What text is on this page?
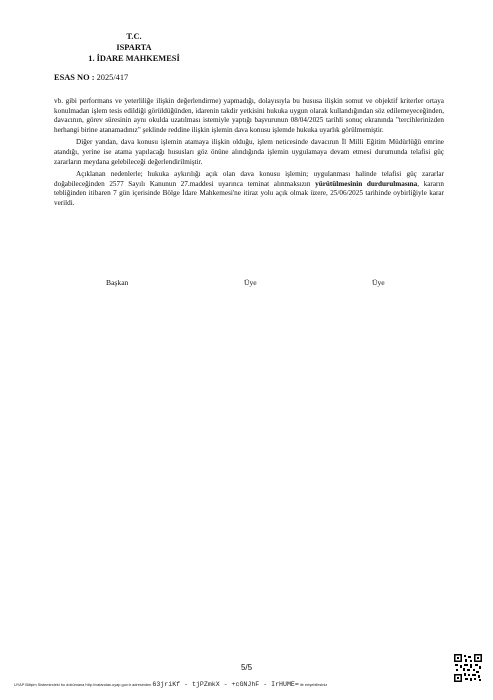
T.C.
ISPARTA
1. İDARE MAHKEMESİ
ESAS NO : 2025/417

vb. gibi performans ve yeterliliğe ilişkin değerlendirme) yapmadığı, dolayısıyla bu hususa ilişkin somut ve objektif kriterler ortaya konulmadan işlem tesis edildiği görüldüğünden, idarenin takdir yetkisini hukuka uygun olarak kullandığından söz edilemeyeceğinden, davacının, görev süresinin aynı okulda uzatılması istemiyle yaptığı başvurunun 08/04/2025 tarihli sonuç ekranında "tercihlerinizden herhangi birine atanamadınız" şeklinde reddine ilişkin işlemin dava konusu işlemde hukuka uyarlık görülmemiştir.

Diğer yandan, dava konusu işlemin atamaya ilişkin olduğu, işlem neticesinde davacının İl Milli Eğitim Müdürlüğü emrine atandığı, yerine ise atama yapılacağı hususları göz önüne alındığında işlemin uygulamaya devam etmesi durumunda telafisi güç zararların meydana gelebileceği değerlendirilmiştir.

Açıklanan nedenlerle; hukuka aykırılığı açık olan dava konusu işlemin; uygulanması halinde telafisi güç zararlar doğabileceğinden 2577 Sayılı Kanunun 27.maddesi uyarınca teminat alınmaksızın yürütülmesinin durdurulmasına, kararın tebliğinden itibaren 7 gün içerisinde Bölge İdare Mahkemesi'ne itiraz yolu açık olmak üzere, 25/06/2025 tarihinde oybirliğiyle karar verildi.

Başkan	Üye	Üye
5/5
UYAP Bilişim Sistemindeki bu dokümana http://vatandas.uyap.gov.tr adresinden 63jriKf - tjPZmkX - +cGNJhF - IrHUME= ile erişebilirsiniz
